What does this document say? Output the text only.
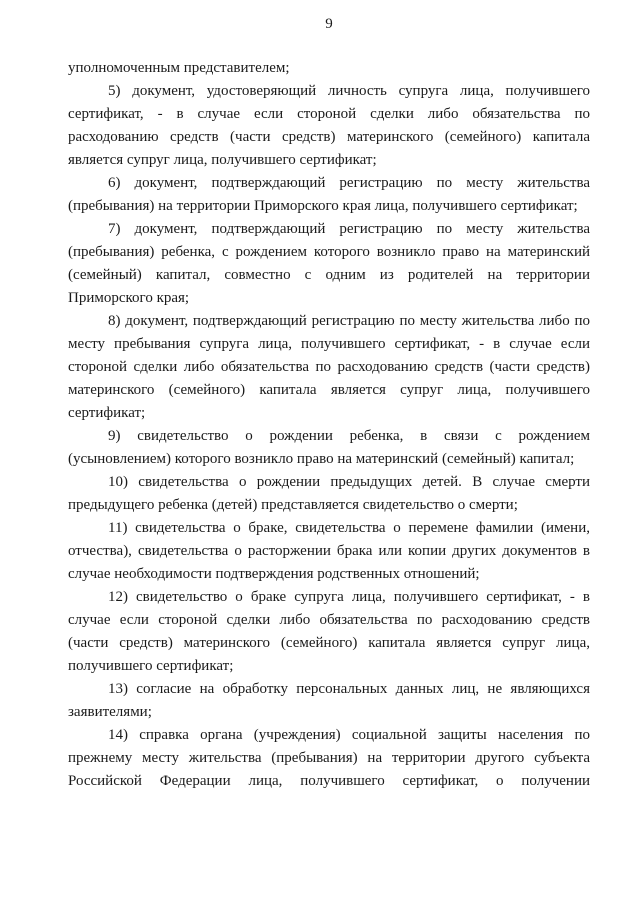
9
уполномоченным представителем;
5) документ, удостоверяющий личность супруга лица, получившего
сертификат, - в случае если стороной сделки либо обязательства по
расходованию средств (части средств) материнского (семейного) капитала
является супруг лица, получившего сертификат;
6) документ, подтверждающий регистрацию по месту жительства
(пребывания) на территории Приморского края лица, получившего сертификат;
7) документ, подтверждающий регистрацию по месту жительства
(пребывания) ребенка, с рождением которого возникло право на материнский
(семейный) капитал, совместно с одним из родителей на территории
Приморского края;
8) документ, подтверждающий регистрацию по месту жительства либо по
месту пребывания супруга лица, получившего сертификат, - в случае если
стороной сделки либо обязательства по расходованию средств (части средств)
материнского (семейного) капитала является супруг лица, получившего
сертификат;
9) свидетельство о рождении ребенка, в связи с рождением
(усыновлением) которого возникло право на материнский (семейный) капитал;
10) свидетельства о рождении предыдущих детей. В случае смерти
предыдущего ребенка (детей) представляется свидетельство о смерти;
11) свидетельства о браке, свидетельства о перемене фамилии (имени,
отчества), свидетельства о расторжении брака или копии других документов в
случае необходимости подтверждения родственных отношений;
12) свидетельство о браке супруга лица, получившего сертификат, - в
случае если стороной сделки либо обязательства по расходованию средств
(части средств) материнского (семейного) капитала является супруг лица,
получившего сертификат;
13) согласие на обработку персональных данных лиц, не являющихся
заявителями;
14) справка органа (учреждения) социальной защиты населения по
прежнему месту жительства (пребывания) на территории другого субъекта
Российской Федерации лица, получившего сертификат, о получении
